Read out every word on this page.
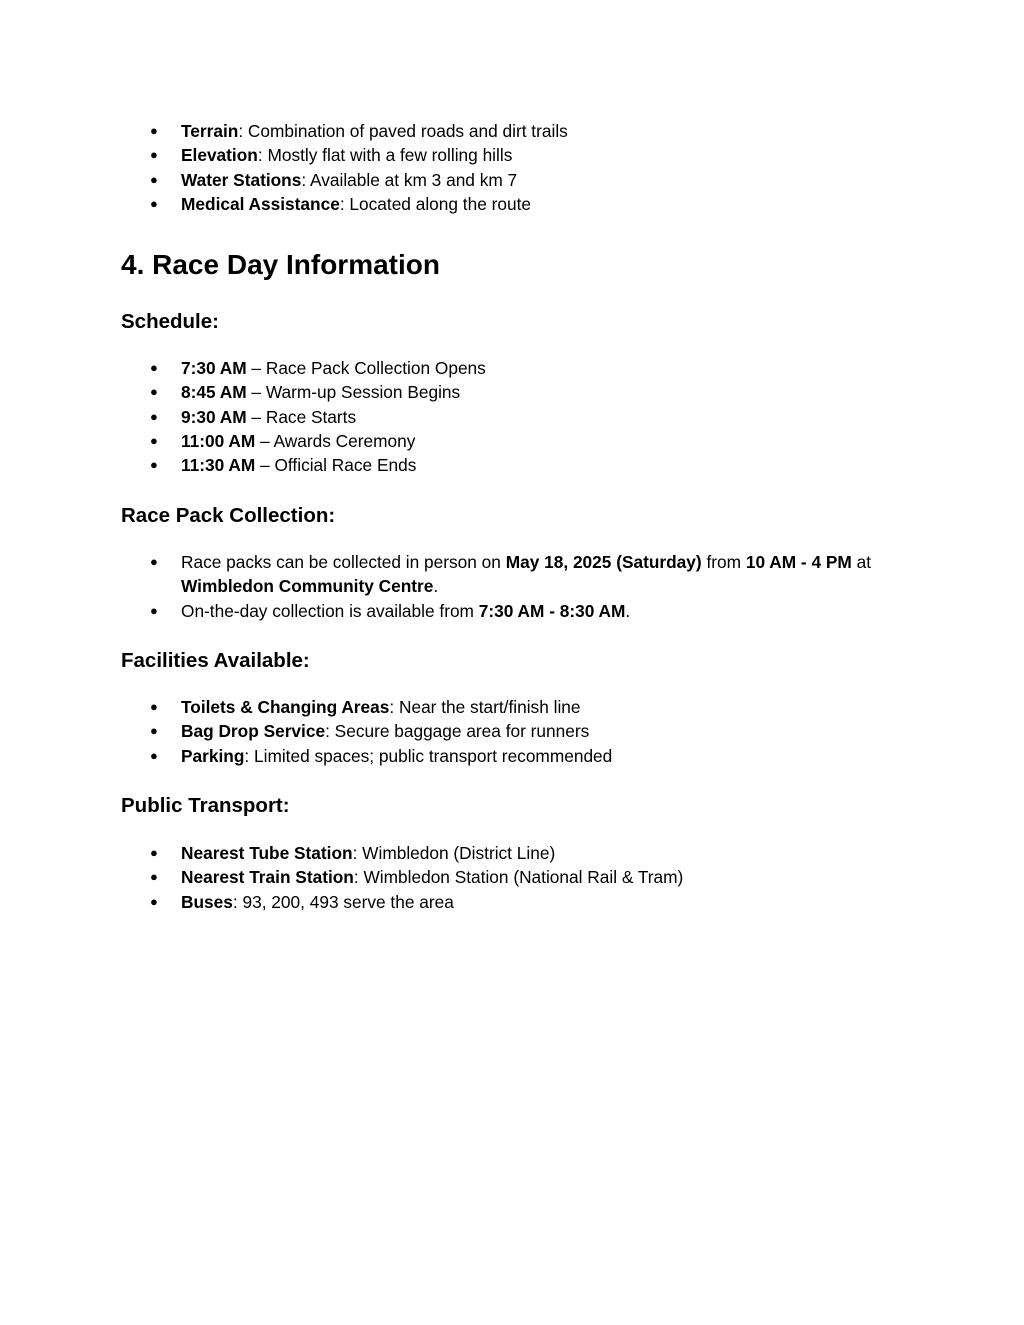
● Terrain: Combination of paved roads and dirt trails
● Elevation: Mostly flat with a few rolling hills
● Water Stations: Available at km 3 and km 7
● Medical Assistance: Located along the route
4. Race Day Information
Schedule:
● 7:30 AM – Race Pack Collection Opens
● 8:45 AM – Warm-up Session Begins
● 9:30 AM – Race Starts
● 11:00 AM – Awards Ceremony
● 11:30 AM – Official Race Ends
Race Pack Collection:
● Race packs can be collected in person on May 18, 2025 (Saturday) from 10 AM - 4 PM at Wimbledon Community Centre.
● On-the-day collection is available from 7:30 AM - 8:30 AM.
Facilities Available:
● Toilets & Changing Areas: Near the start/finish line
● Bag Drop Service: Secure baggage area for runners
● Parking: Limited spaces; public transport recommended
Public Transport:
● Nearest Tube Station: Wimbledon (District Line)
● Nearest Train Station: Wimbledon Station (National Rail & Tram)
● Buses: 93, 200, 493 serve the area
